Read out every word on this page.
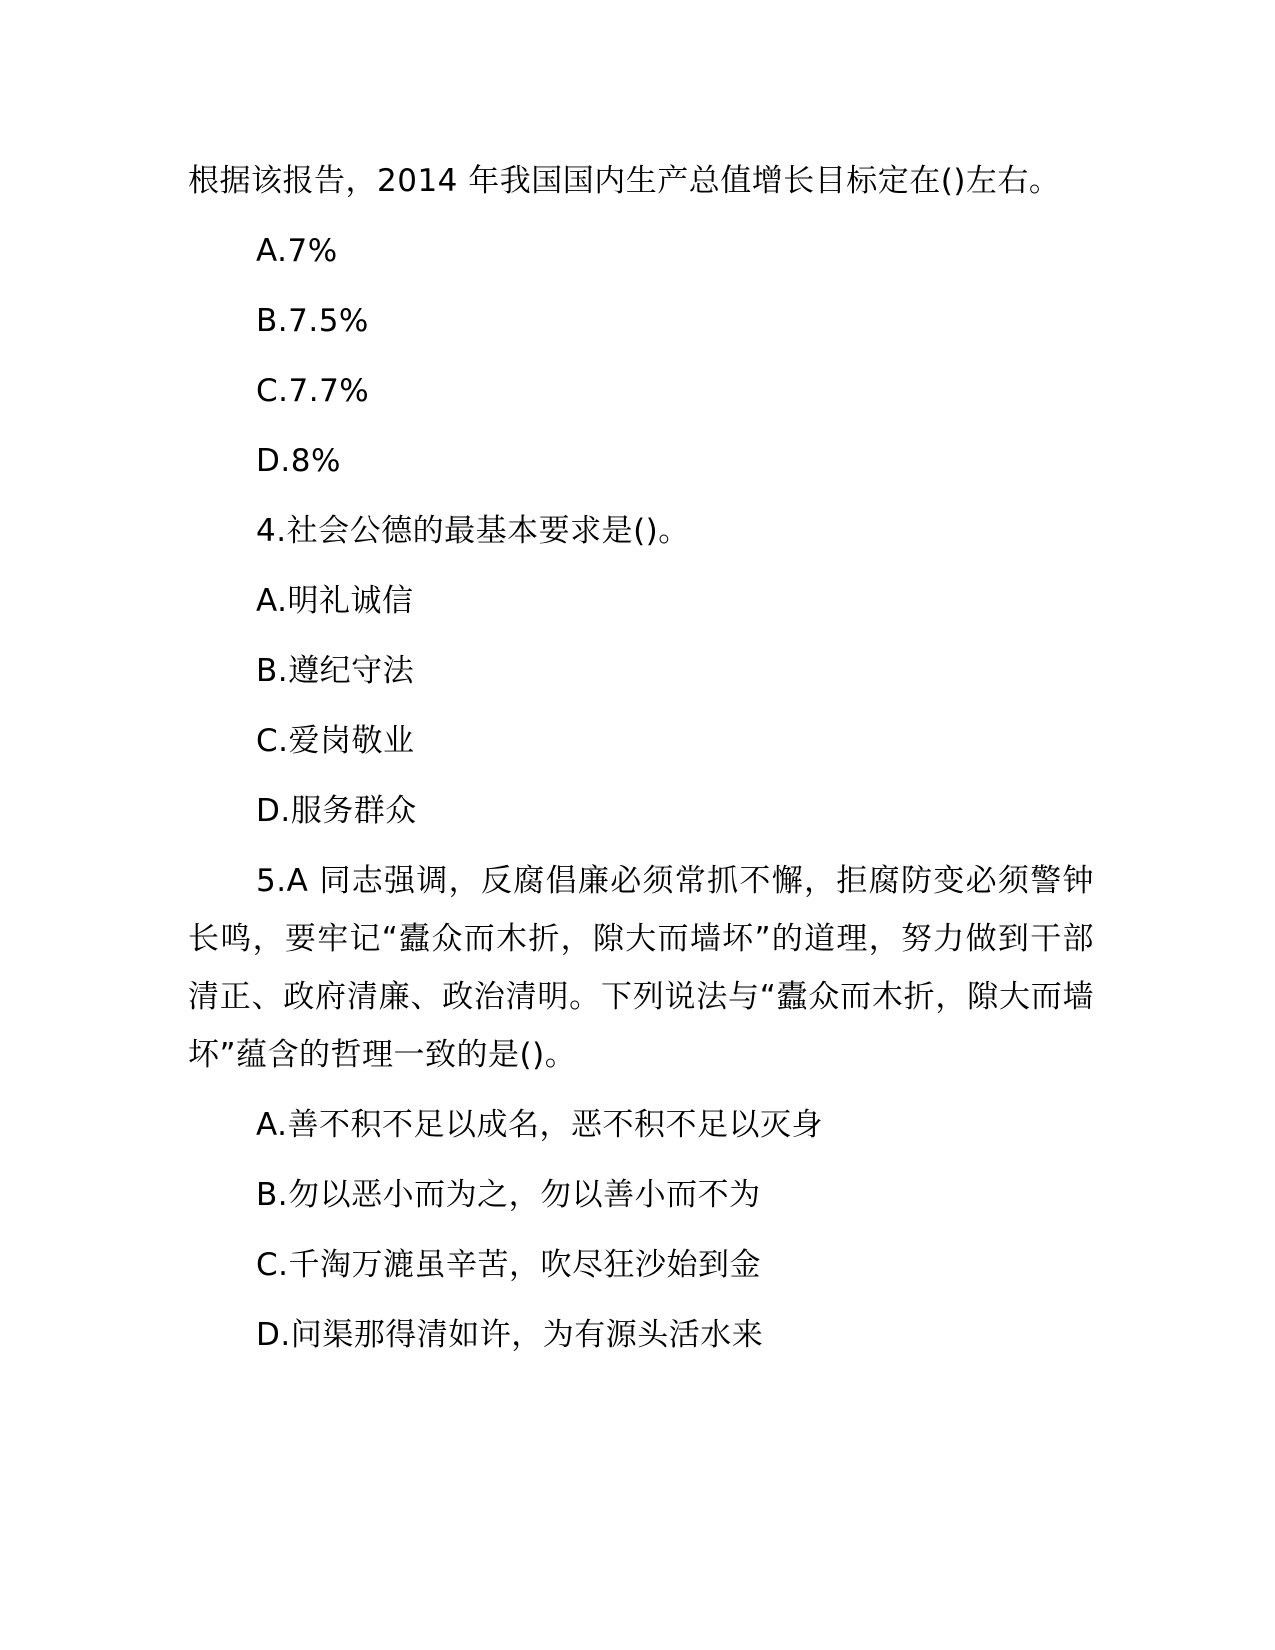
根据该报告，2014 年我国国内生产总值增长目标定在()左右。

A.7%

B.7.5%

C.7.7%

D.8%

4.社会公德的最基本要求是()。

A.明礼诚信

B.遵纪守法

C.爱岗敬业

D.服务群众

5.A 同志强调，反腐倡廉必须常抓不懈，拒腐防变必须警钟长鸣，要牢记“蠹众而木折，隙大而墙坏”的道理，努力做到干部清正、政府清廉、政治清明。下列说法与“蠹众而木折，隙大而墙坏”蕴含的哲理一致的是()。

A.善不积不足以成名，恶不积不足以灭身

B.勿以恶小而为之，勿以善小而不为

C.千淘万漉虽辛苦，吹尽狂沙始到金

D.问渠那得清如许，为有源头活水来
